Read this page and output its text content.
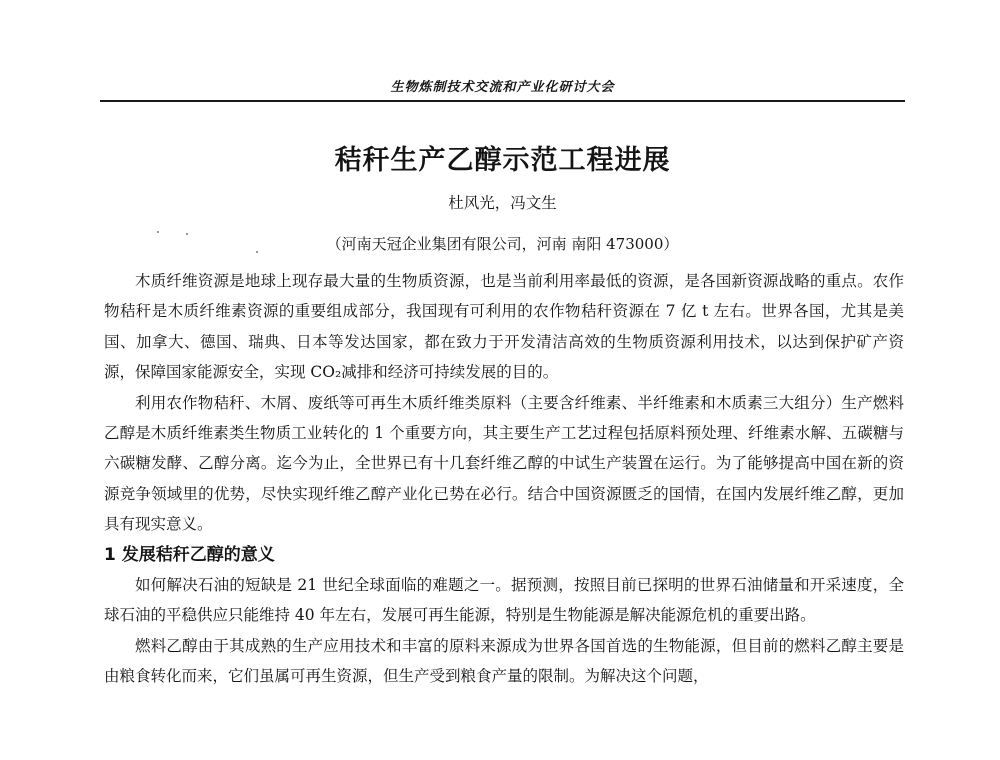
生物炼制技术交流和产业化研讨大会
秸秆生产乙醇示范工程进展
杜风光，冯文生
（河南天冠企业集团有限公司，河南 南阳 473000）

木质纤维资源是地球上现存最大量的生物质资源，也是当前利用率最低的资源，是各国新资源战略的重点。农作物秸秆是木质纤维素资源的重要组成部分，我国现有可利用的农作物秸秆资源在 7 亿 t 左右。世界各国，尤其是美国、加拿大、德国、瑞典、日本等发达国家，都在致力于开发清洁高效的生物质资源利用技术，以达到保护矿产资源，保障国家能源安全，实现 CO₂减排和经济可持续发展的目的。

利用农作物秸秆、木屑、废纸等可再生木质纤维类原料（主要含纤维素、半纤维素和木质素三大组分）生产燃料乙醇是木质纤维素类生物质工业转化的 1 个重要方向，其主要生产工艺过程包括原料预处理、纤维素水解、五碳糖与六碳糖发酵、乙醇分离。迄今为止，全世界已有十几套纤维乙醇的中试生产装置在运行。为了能够提高中国在新的资源竞争领域里的优势，尽快实现纤维乙醇产业化已势在必行。结合中国资源匮乏的国情，在国内发展纤维乙醇，更加具有现实意义。

1 发展秸秆乙醇的意义

如何解决石油的短缺是 21 世纪全球面临的难题之一。据预测，按照目前已探明的世界石油储量和开采速度，全球石油的平稳供应只能维持 40 年左右，发展可再生能源，特别是生物能源是解决能源危机的重要出路。

燃料乙醇由于其成熟的生产应用技术和丰富的原料来源成为世界各国首选的生物能源，但目前的燃料乙醇主要是由粮食转化而来，它们虽属可再生资源，但生产受到粮食产量的限制。为解决这个问题，
